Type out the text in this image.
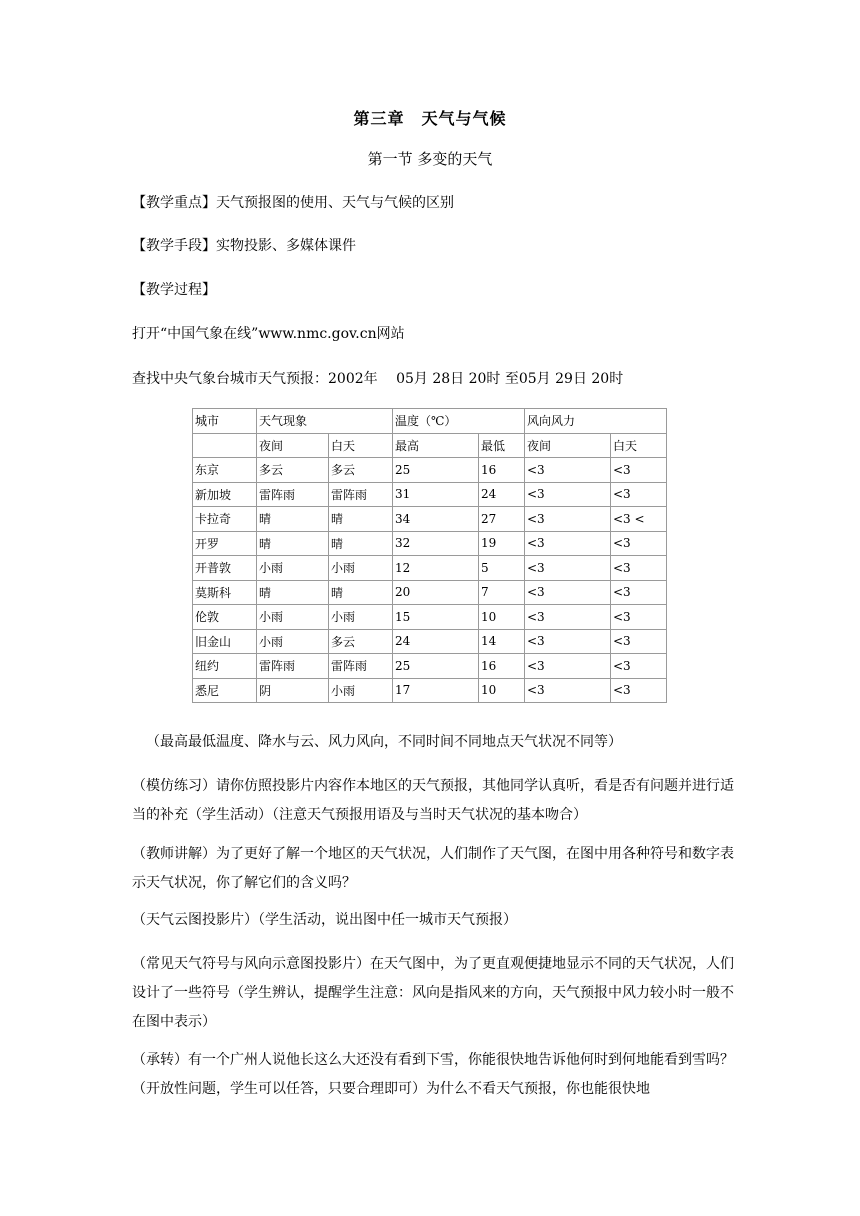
第三章　天气与气候
第一节 多变的天气
【教学重点】天气预报图的使用、天气与气候的区别
【教学手段】实物投影、多媒体课件
【教学过程】
打开“中国气象在线”www.nmc.gov.cn网站
查找中央气象台城市天气预报：2002年　 05月 28日 20时 至05月 29日 20时
城市	天气现象		温度（℃）		风向风力	
	夜间	白天	最高	最低	夜间	白天
东京	多云	多云	25	16	<3	<3
新加坡	雷阵雨	雷阵雨	31	24	<3	<3
卡拉奇	晴	晴	34	27	<3	<3 <
开罗	晴	晴	32	19	<3	<3
开普敦	小雨	小雨	12	5	<3	<3
莫斯科	晴	晴	20	7	<3	<3
伦敦	小雨	小雨	15	10	<3	<3
旧金山	小雨	多云	24	14	<3	<3
纽约	雷阵雨	雷阵雨	25	16	<3	<3
悉尼	阴	小雨	17	10	<3	<3
（最高最低温度、降水与云、风力风向，不同时间不同地点天气状况不同等）
（模仿练习）请你仿照投影片内容作本地区的天气预报，其他同学认真听，看是否有问题并进行适当的补充（学生活动）（注意天气预报用语及与当时天气状况的基本吻合）
（教师讲解）为了更好了解一个地区的天气状况，人们制作了天气图，在图中用各种符号和数字表示天气状况，你了解它们的含义吗？
（天气云图投影片）（学生活动，说出图中任一城市天气预报）
（常见天气符号与风向示意图投影片）在天气图中，为了更直观便捷地显示不同的天气状况，人们设计了一些符号（学生辨认，提醒学生注意：风向是指风来的方向，天气预报中风力较小时一般不在图中表示）
（承转）有一个广州人说他长这么大还没有看到下雪，你能很快地告诉他何时到何地能看到雪吗？（开放性问题，学生可以任答，只要合理即可）为什么不看天气预报，你也能很快地
